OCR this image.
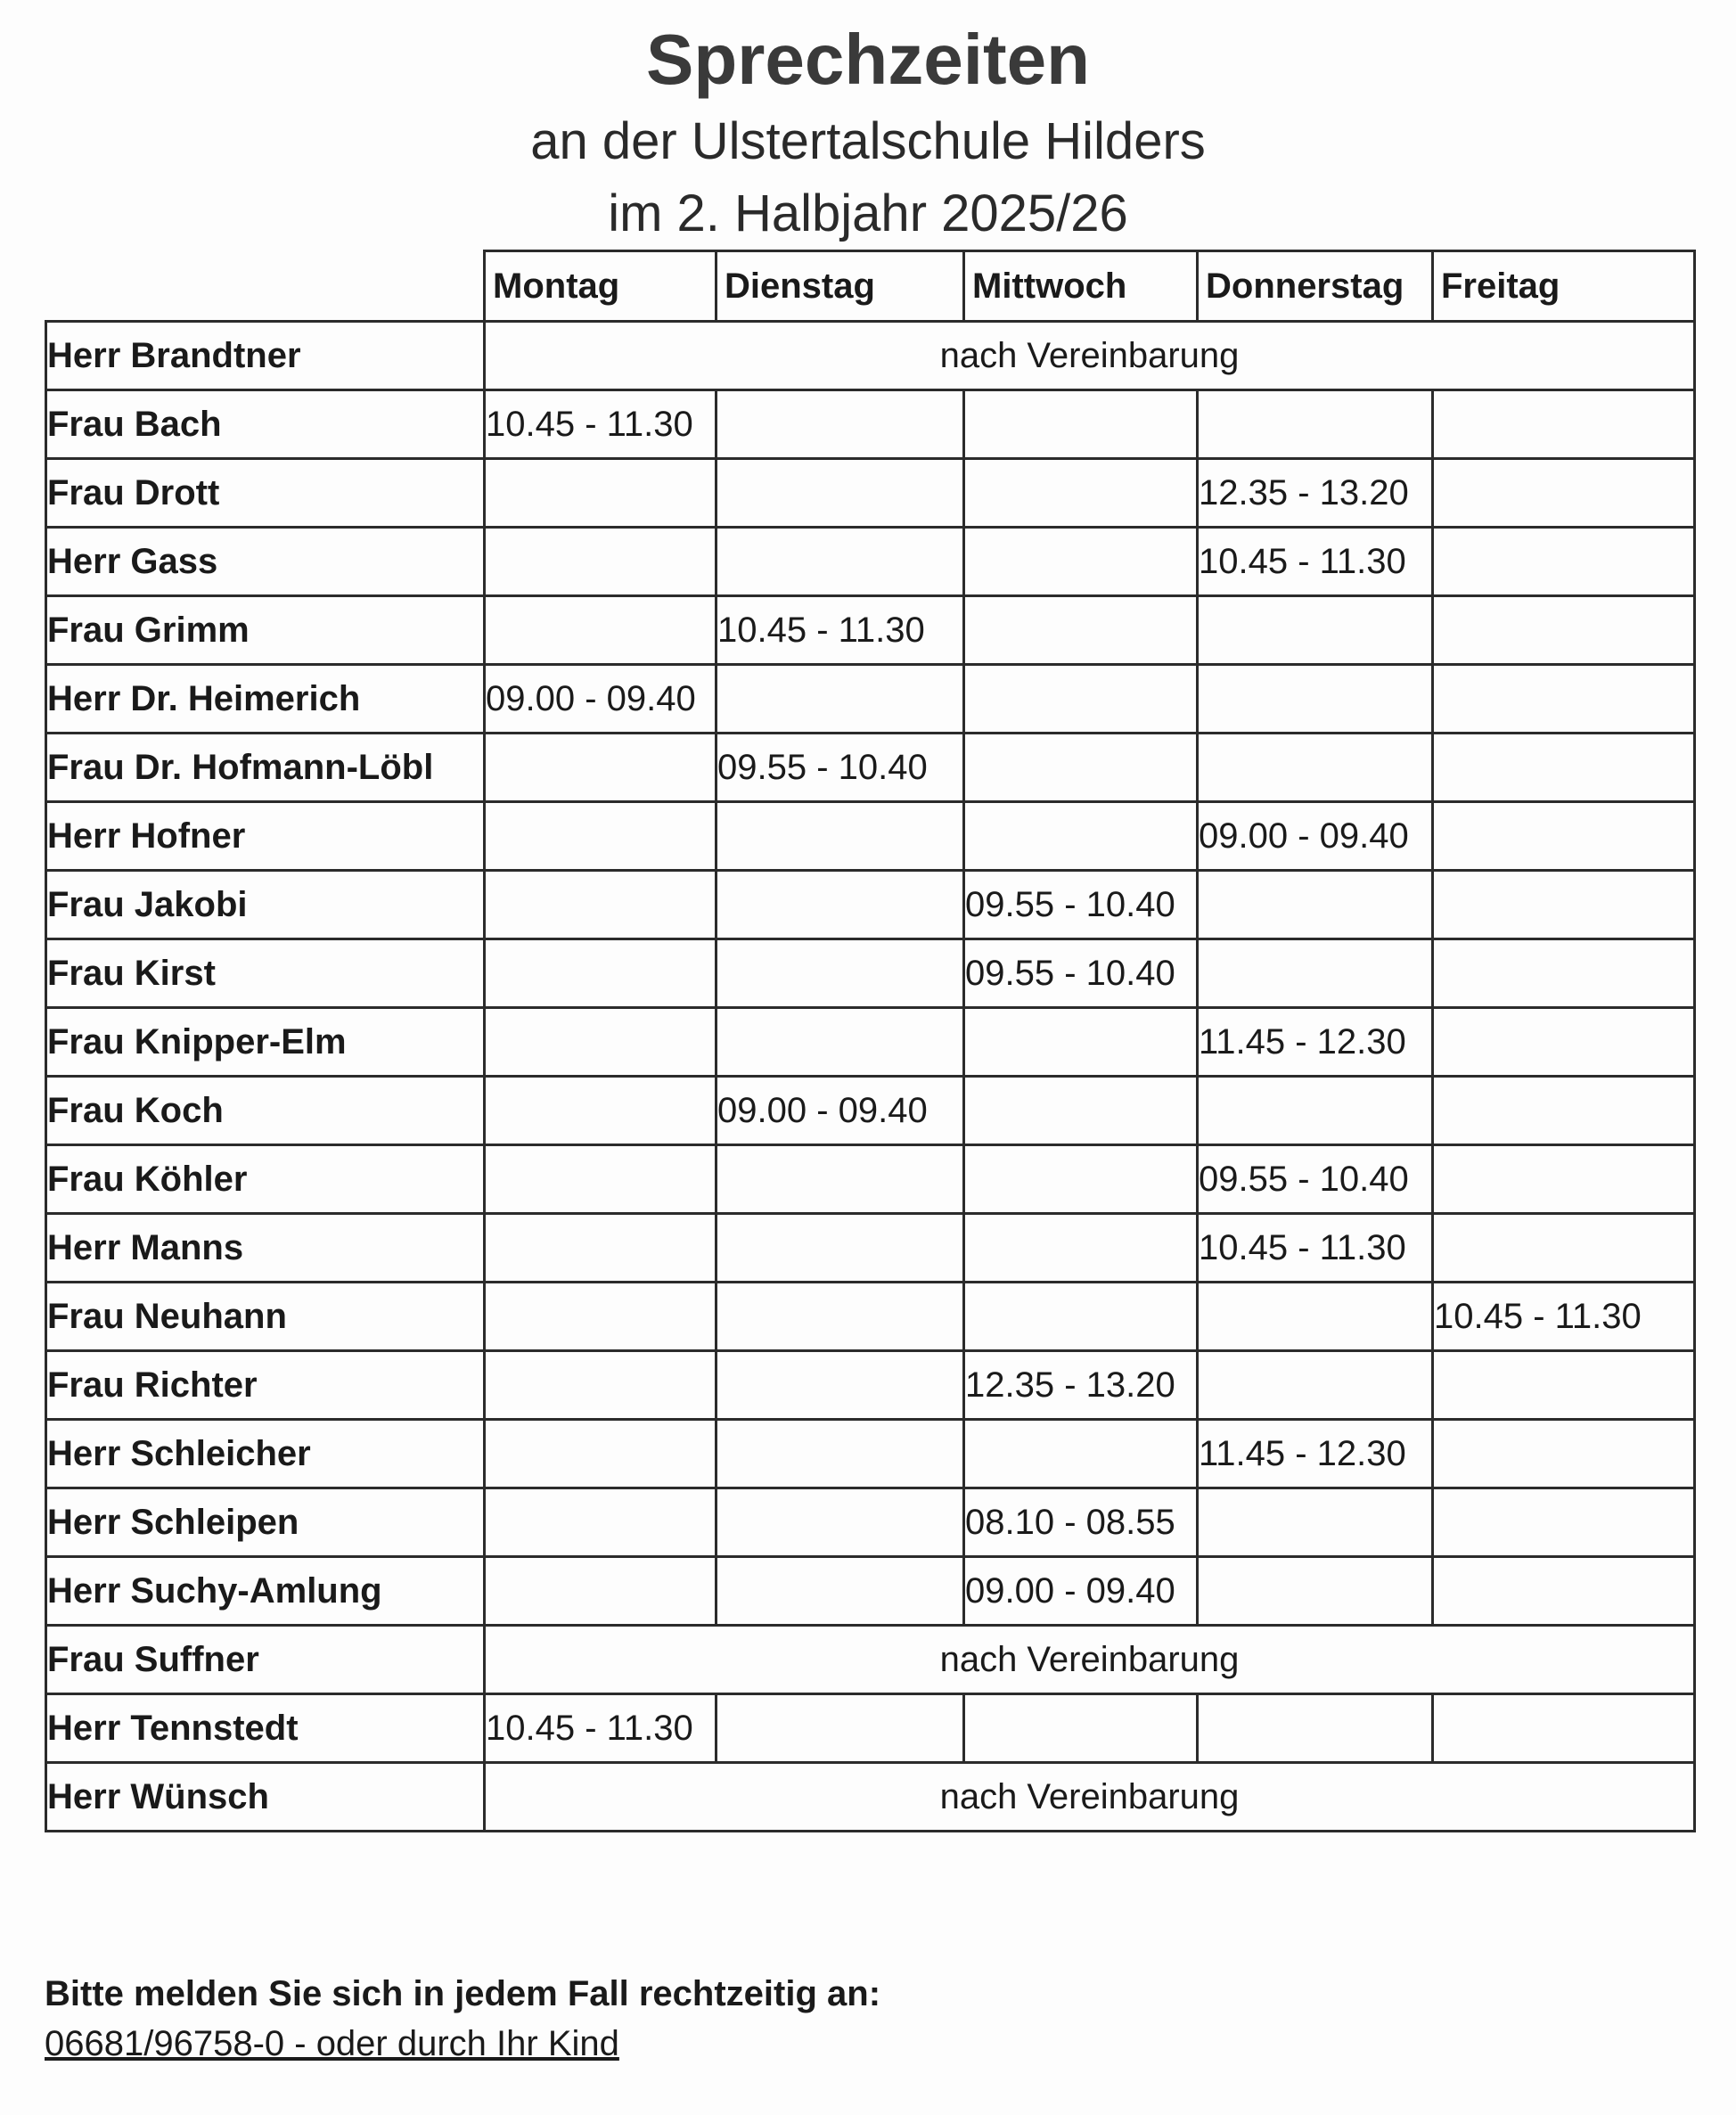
Sprechzeiten
an der Ulstertalschule Hilders
im 2. Halbjahr 2025/26
	Montag	Dienstag	Mittwoch	Donnerstag	Freitag
Herr Brandtner	nach Vereinbarung				
Frau Bach	10.45 - 11.30				
Frau Drott				12.35 - 13.20	
Herr Gass				10.45 - 11.30	
Frau Grimm		10.45 - 11.30			
Herr Dr. Heimerich	09.00 - 09.40				
Frau Dr. Hofmann-Löbl		09.55 - 10.40			
Herr Hofner				09.00 - 09.40	
Frau Jakobi			09.55 - 10.40		
Frau Kirst			09.55 - 10.40		
Frau Knipper-Elm				11.45 - 12.30	
Frau Koch		09.00 - 09.40			
Frau Köhler				09.55 - 10.40	
Herr Manns				10.45 - 11.30	
Frau Neuhann					10.45 - 11.30
Frau Richter			12.35 - 13.20		
Herr Schleicher				11.45 - 12.30	
Herr Schleipen			08.10 - 08.55		
Herr Suchy-Amlung			09.00 - 09.40		
Frau Suffner	nach Vereinbarung				
Herr Tennstedt	10.45 - 11.30				
Herr Wünsch	nach Vereinbarung				
Bitte melden Sie sich in jedem Fall rechtzeitig an:
06681/96758-0 - oder durch Ihr Kind
